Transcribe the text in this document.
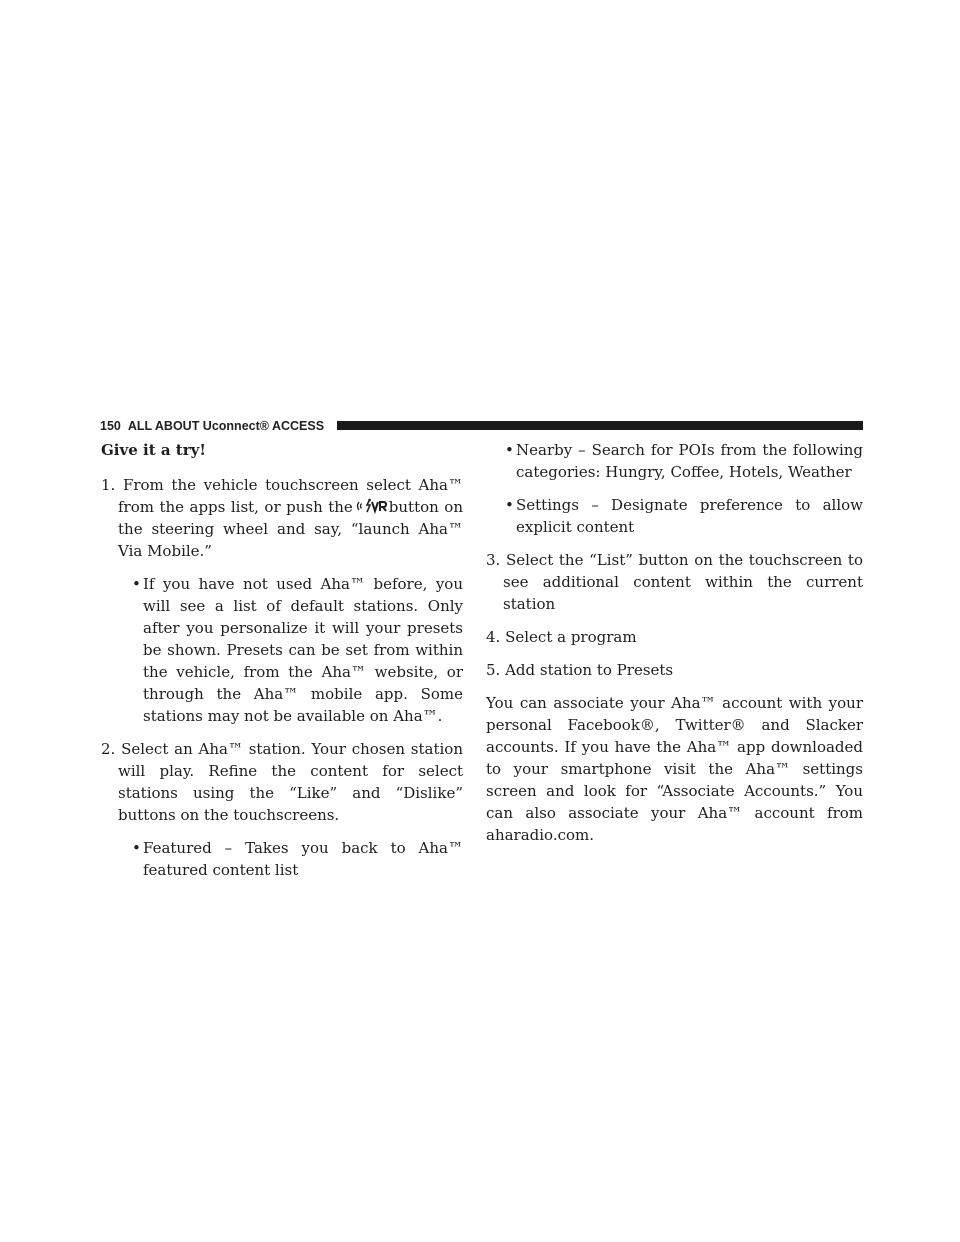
150 ALL ABOUT Uconnect® ACCESS

Give it a try!

1. From the vehicle touchscreen select Aha™ from the apps list, or push the button on the steering wheel and say, “launch Aha™ Via Mobile.”

• If you have not used Aha™ before, you will see a list of default stations. Only after you personalize it will your presets be shown. Presets can be set from within the vehicle, from the Aha™ website, or through the Aha™ mobile app. Some stations may not be available on Aha™.

2. Select an Aha™ station. Your chosen station will play. Refine the content for select stations using the “Like” and “Dislike” buttons on the touchscreens.

• Featured – Takes you back to Aha™ featured content list

• Nearby – Search for POIs from the following categories: Hungry, Coffee, Hotels, Weather

• Settings – Designate preference to allow explicit content

3. Select the “List” button on the touchscreen to see additional content within the current station

4. Select a program

5. Add station to Presets

You can associate your Aha™ account with your personal Facebook®, Twitter® and Slacker accounts. If you have the Aha™ app downloaded to your smartphone visit the Aha™ settings screen and look for “Associate Accounts.” You can also associate your Aha™ account from aharadio.com.
